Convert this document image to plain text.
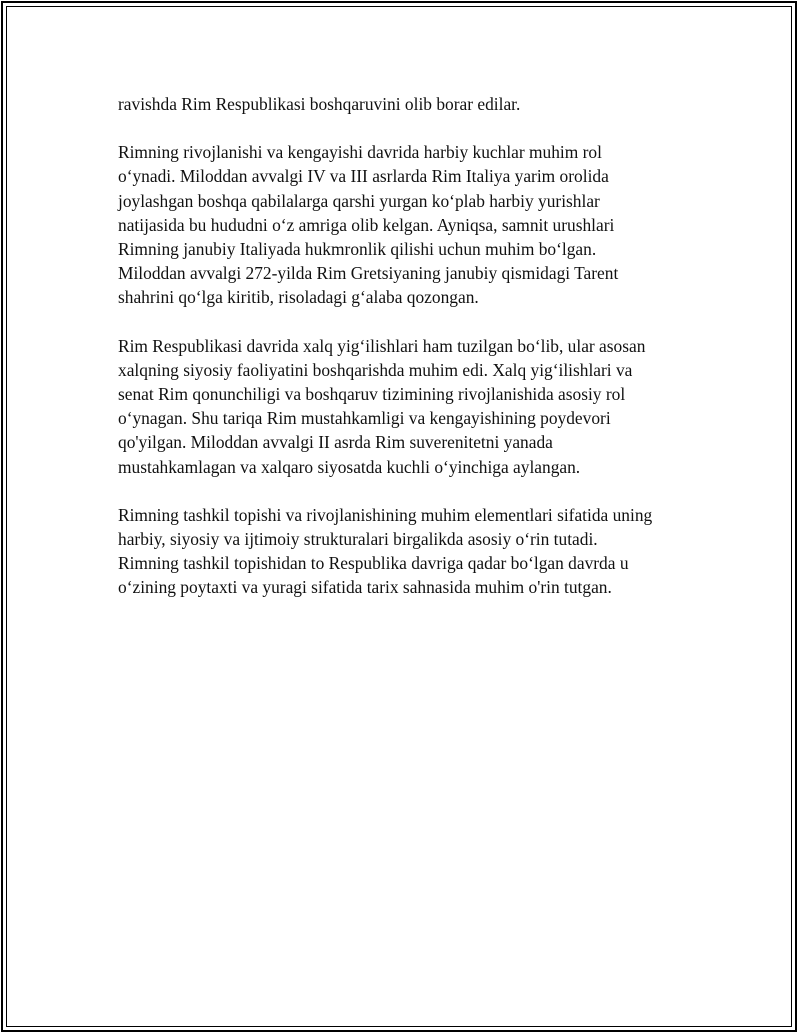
ravishda Rim Respublikasi boshqaruvini olib borar edilar.

Rimning rivojlanishi va kengayishi davrida harbiy kuchlar muhim rol
o‘ynadi. Miloddan avvalgi IV va III asrlarda Rim Italiya yarim orolida
joylashgan boshqa qabilalarga qarshi yurgan ko‘plab harbiy yurishlar
natijasida bu hududni o‘z amriga olib kelgan. Ayniqsa, samnit urushlari
Rimning janubiy Italiyada hukmronlik qilishi uchun muhim bo‘lgan.
Miloddan avvalgi 272-yilda Rim Gretsiyaning janubiy qismidagi Tarent
shahrini qo‘lga kiritib, risoladagi g‘alaba qozongan.

Rim Respublikasi davrida xalq yig‘ilishlari ham tuzilgan bo‘lib, ular asosan
xalqning siyosiy faoliyatini boshqarishda muhim edi. Xalq yig‘ilishlari va
senat Rim qonunchiligi va boshqaruv tizimining rivojlanishida asosiy rol
o‘ynagan. Shu tariqa Rim mustahkamligi va kengayishining poydevori
qo'yilgan. Miloddan avvalgi II asrda Rim suverenitetni yanada
mustahkamlagan va xalqaro siyosatda kuchli o‘yinchiga aylangan.

Rimning tashkil topishi va rivojlanishining muhim elementlari sifatida uning
harbiy, siyosiy va ijtimoiy strukturalari birgalikda asosiy o‘rin tutadi.
Rimning tashkil topishidan to Respublika davriga qadar bo‘lgan davrda u
o‘zining poytaxti va yuragi sifatida tarix sahnasida muhim o'rin tutgan.
